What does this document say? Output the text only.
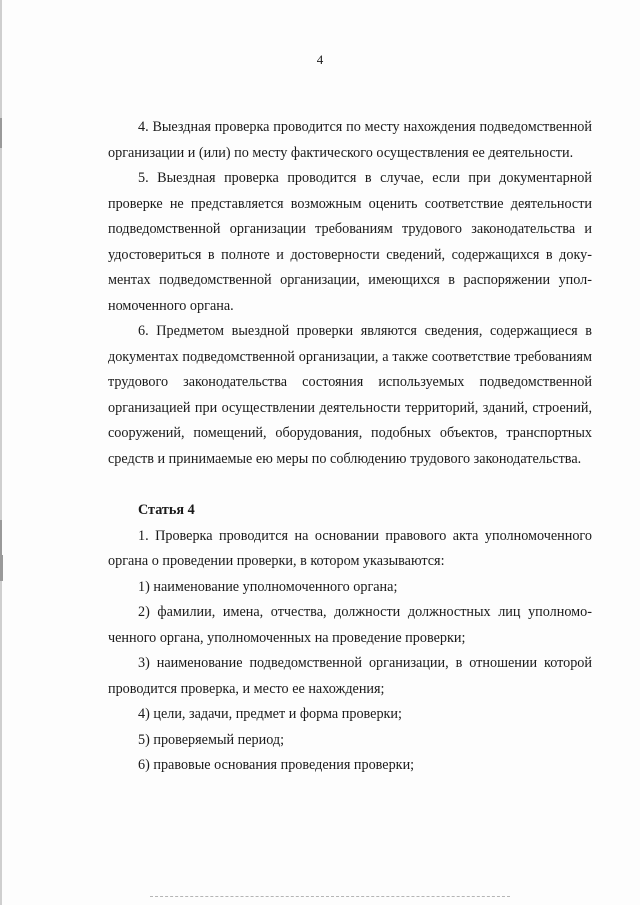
4

4. Выездная проверка проводится по месту нахождения подведомственной организации и (или) по месту фактического осуществления ее деятельности.

5. Выездная проверка проводится в случае, если при документарной проверке не представляется возможным оценить соответствие деятельности подведомственной организации требованиям трудового законодательства и удостовериться в полноте и достоверности сведений, содержащихся в документах подведомственной организации, имеющихся в распоряжении уполномоченного органа.

6. Предметом выездной проверки являются сведения, содержащиеся в документах подведомственной организации, а также соответствие требованиям трудового законодательства состояния используемых подведомственной организацией при осуществлении деятельности территорий, зданий, строений, сооружений, помещений, оборудования, подобных объектов, транспортных средств и принимаемые ею меры по соблюдению трудового законодательства.

Статья 4

1. Проверка проводится на основании правового акта уполномоченного органа о проведении проверки, в котором указываются:

1) наименование уполномоченного органа;

2) фамилии, имена, отчества, должности должностных лиц уполномоченного органа, уполномоченных на проведение проверки;

3) наименование подведомственной организации, в отношении которой проводится проверка, и место ее нахождения;

4) цели, задачи, предмет и форма проверки;

5) проверяемый период;

6) правовые основания проведения проверки;
